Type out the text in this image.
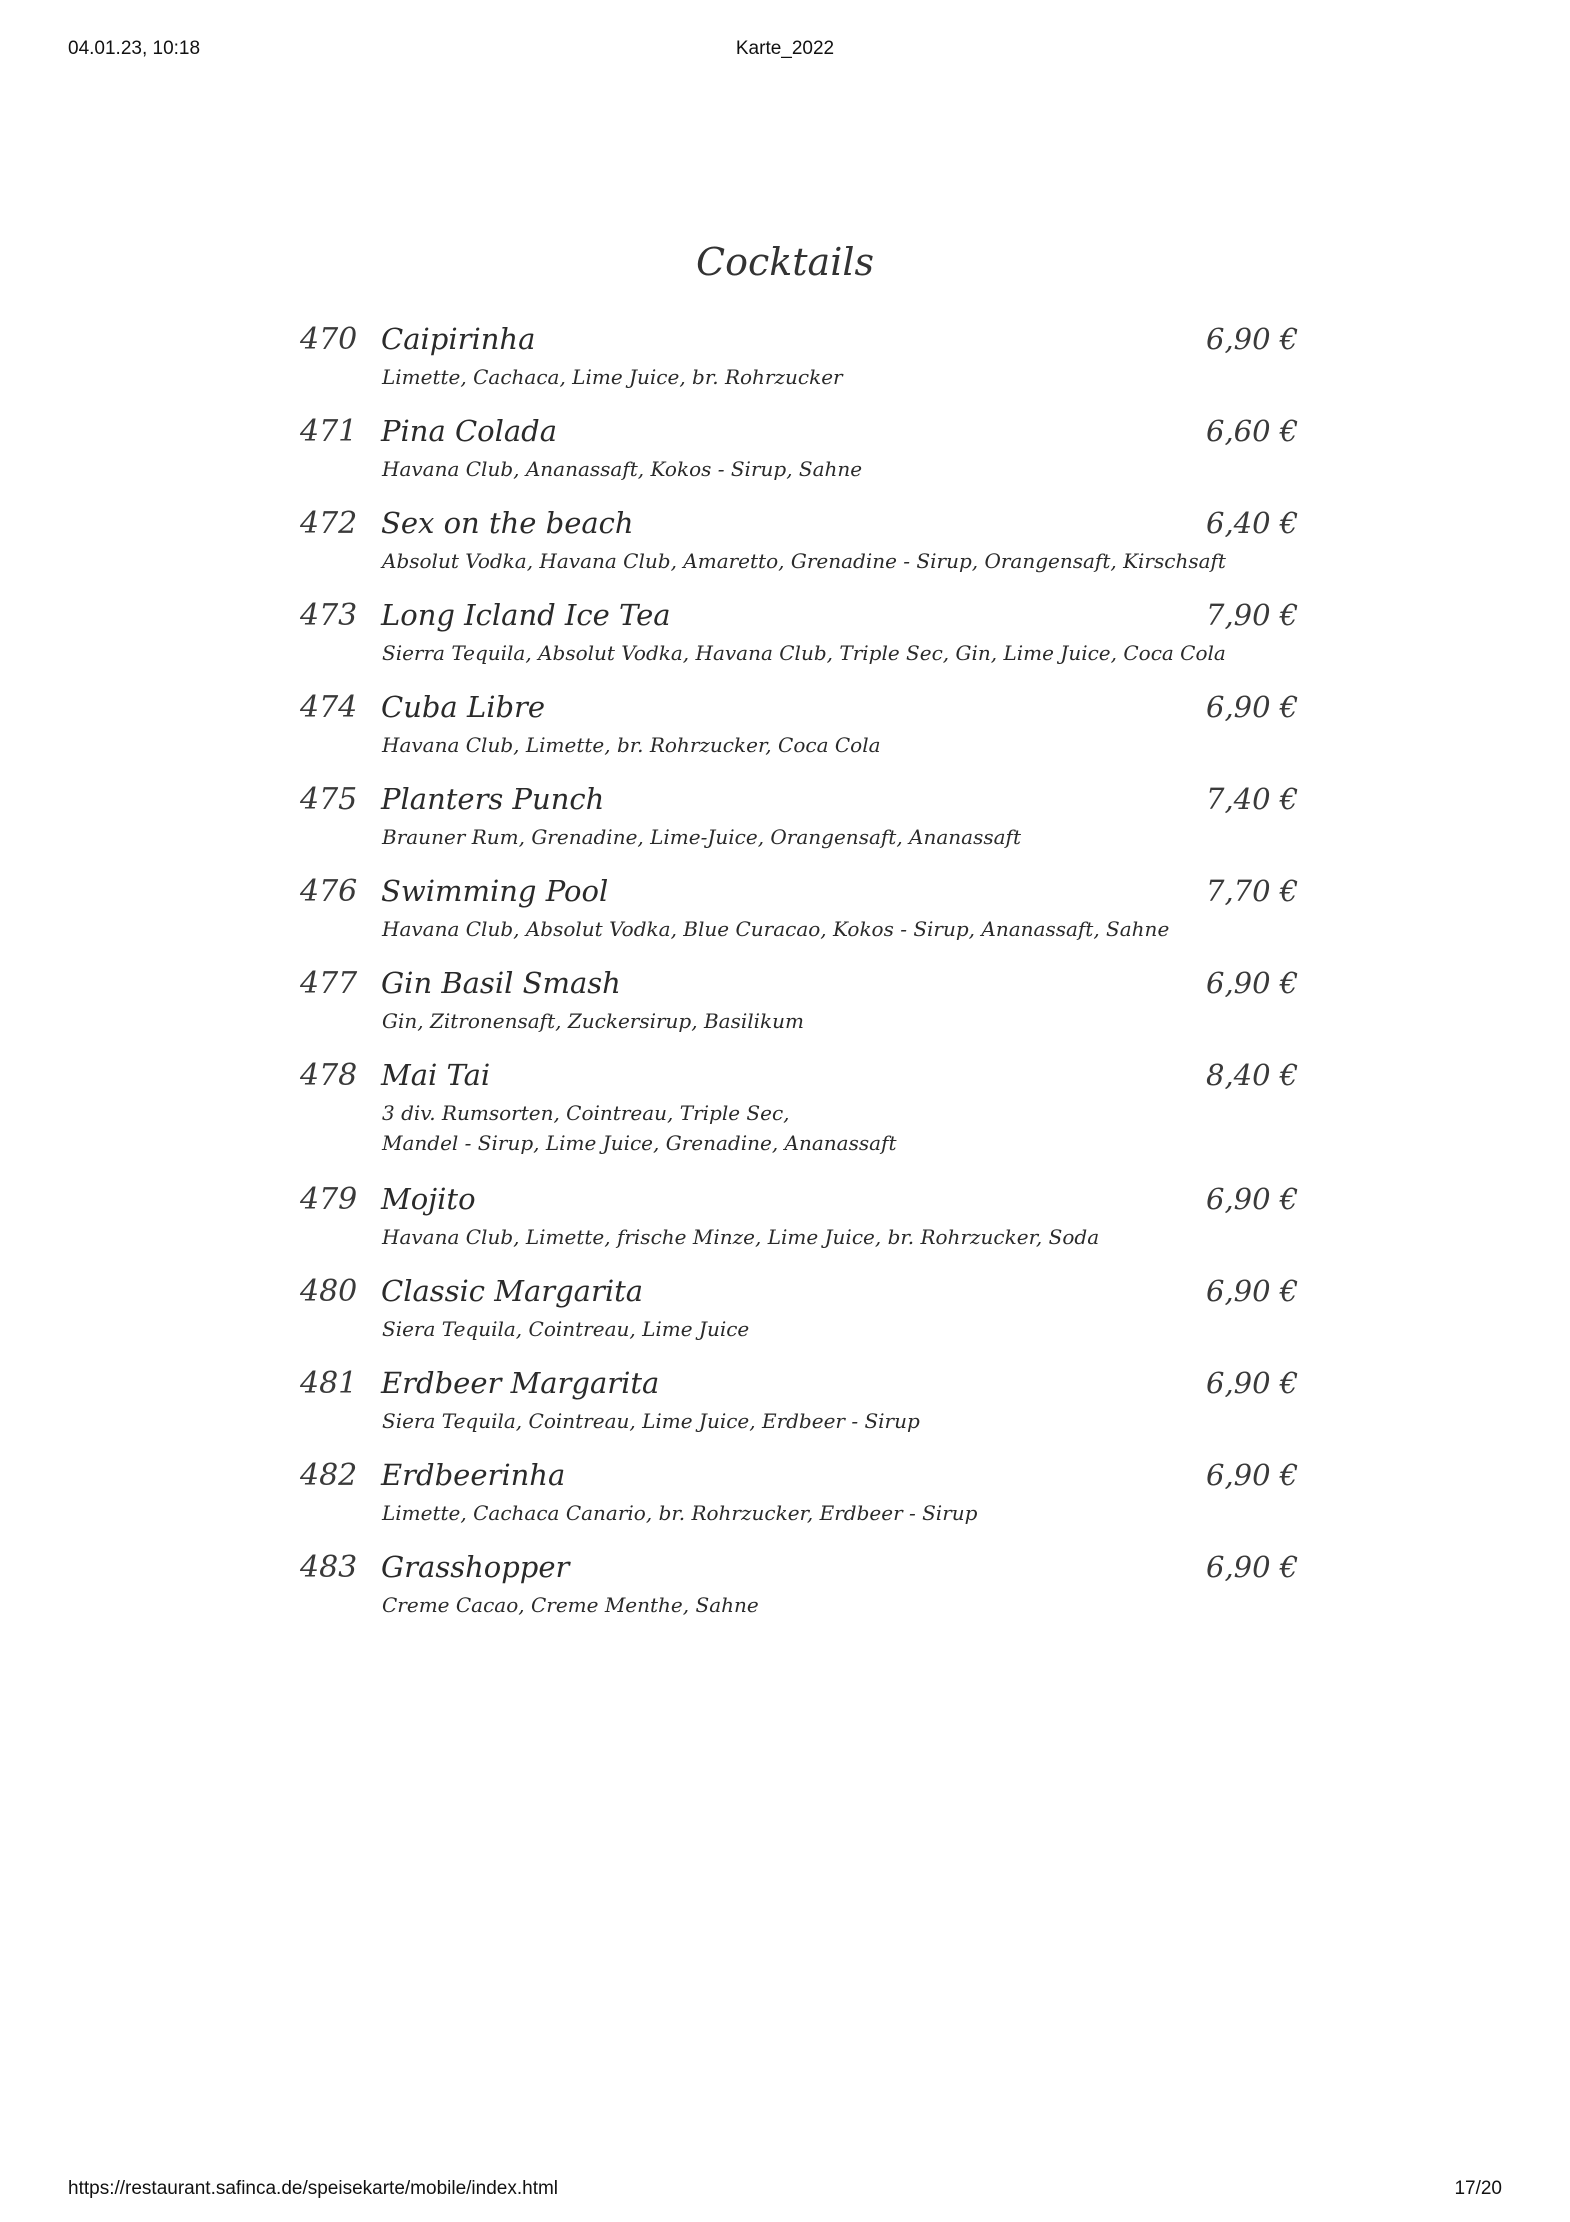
04.01.23, 10:18	Karte_2022
Cocktails
470 Caipirinha
Limette, Cachaca, Lime Juice, br. Rohrzucker
6,90 €
471 Pina Colada
Havana Club, Ananassaft, Kokos - Sirup, Sahne
6,60 €
472 Sex on the beach
Absolut Vodka, Havana Club, Amaretto, Grenadine - Sirup, Orangensaft, Kirschsaft
6,40 €
473 Long Icland Ice Tea
Sierra Tequila, Absolut Vodka, Havana Club, Triple Sec, Gin, Lime Juice, Coca Cola
7,90 €
474 Cuba Libre
Havana Club, Limette, br. Rohrzucker, Coca Cola
6,90 €
475 Planters Punch
Brauner Rum, Grenadine, Lime-Juice, Orangensaft, Ananassaft
7,40 €
476 Swimming Pool
Havana Club, Absolut Vodka, Blue Curacao, Kokos - Sirup, Ananassaft, Sahne
7,70 €
477 Gin Basil Smash
Gin, Zitronensaft, Zuckersirup, Basilikum
6,90 €
478 Mai Tai
3 div. Rumsorten, Cointreau, Triple Sec,
Mandel - Sirup, Lime Juice, Grenadine, Ananassaft
8,40 €
479 Mojito
Havana Club, Limette, frische Minze, Lime Juice, br. Rohrzucker, Soda
6,90 €
480 Classic Margarita
Siera Tequila, Cointreau, Lime Juice
6,90 €
481 Erdbeer Margarita
Siera Tequila, Cointreau, Lime Juice, Erdbeer - Sirup
6,90 €
482 Erdbeerinha
Limette, Cachaca Canario, br. Rohrzucker, Erdbeer - Sirup
6,90 €
483 Grasshopper
Creme Cacao, Creme Menthe, Sahne
6,90 €
https://restaurant.safinca.de/speisekarte/mobile/index.html	17/20
